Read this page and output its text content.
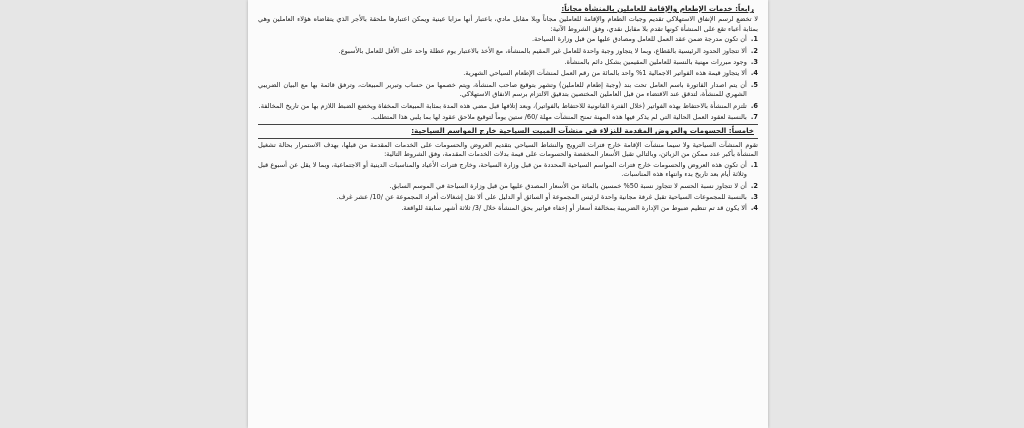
رابعاً: خدمات الإطعام والإقامة للعاملين بالمنشأة مجاناً:

لا تخضع لرسم الإنفاق الاستهلاكي تقديم وجبات الطعام والإقامة للعاملين مجاناً وبلا مقابل مادي، باعتبار أنها مزايا عينية ويمكن اعتبارها ملحقة بالأجر الذي يتقاضاه هؤلاء العاملين وهي بمثابة أعباء تقع على المنشأة كونها تقدم بلا مقابل نقدي، وفق الشروط الآتية:

1.
أن تكون مدرجة ضمن عقد العمل للعامل ومصادق عليها من قبل وزارة السياحة.
2.
ألا تتجاوز الحدود الرئيسية بالقطاع، وبما لا يتجاوز وجبة واحدة للعامل غير المقيم بالمنشأة، مع الأخذ بالاعتبار يوم عطلة واحد على الأقل للعامل بالأسبوع.
3.
وجود مبررات مهنية بالنسبة للعاملين المقيمين بشكل دائم بالمنشأة.
4.
ألا يتجاوز قيمة هذه الفواتير الاجمالية 1% واحد بالمائة من رقم العمل لمنشآت الإطعام السياحي الشهرية.
5.
أن يتم اصدار الفاتورة باسم العامل تحت بند (وجبة إطعام للعاملين) وتشهر بتوقيع صاحب المنشأة، ويتم خصمها من حساب وتبرير المبيعات، وترفق قائمة بها مع البيان الضريبي الشهري للمنشأة، لتدقق عند الاقتضاء من قبل العاملين المختصين بتدقيق الالتزام برسم الانفاق الاستهلاكي.
6.
تلتزم المنشأة بالاحتفاظ بهذه الفواتير (خلال الفترة القانونية للاحتفاظ بالفواتير)، وبعد إتلافها قبل مضي هذه المدة بمثابة المبيعات المخفاة ويخضع الضبط اللازم بها من تاريخ المخالفة.
7.
بالنسبة لعقود العمل الحالية التي لم يذكر فيها هذه المهنة تمنح المنشآت مهلة /60/ ستين يوماً لتوقيع ملاحق عقود لها بما يلبي هذا المتطلب.
خامساً: الحسومات والعروض المقدمة للنزلاء في منشآت المبيت السياحية خارج المواسم السياحية:

تقوم المنشآت السياحية ولا سيما منشآت الإقامة خارج فترات الترويج والنشاط السياحي بتقديم العروض والحسومات على الخدمات المقدمة من قبلها، بهدف الاستمرار بحالة تشغيل المنشأة بأكبر عدد ممكن من الزبائن، وبالتالي تقبل الأسعار المخفضة والحسومات على قيمة بدلات الخدمات المقدمة، وفق الشروط التالية:

1.
أن تكون هذه العروض والحسومات خارج فترات المواسم السياحية المحددة من قبل وزارة السياحة، وخارج فترات الأعياد والمناسبات الدينية أو الاجتماعية، وبما لا يقل عن أسبوع قبل وثلاثة أيام بعد تاريخ بدء وانتهاء هذه المناسبات.
2.
أن لا تتجاوز نسبة الحسم لا تتجاوز نسبة 50% خمسين بالمائة من الأسعار المصدق عليها من قبل وزارة السياحة في الموسم السابق.
3.
بالنسبة للمجموعات السياحية تقبل غرفة مجانية واحدة لرئيس المجموعة أو السائق أو الدليل على ألا تقل إشغالات أفراد المجموعة عن /10/ عشر غرف.
4.
ألا يكون قد تم تنظيم ضبوط من الإدارة الضريبية بمخالفة أسعار أو إخفاء فواتير بحق المنشأة خلال /3/ ثلاثة أشهر سابقة للواقعة.
